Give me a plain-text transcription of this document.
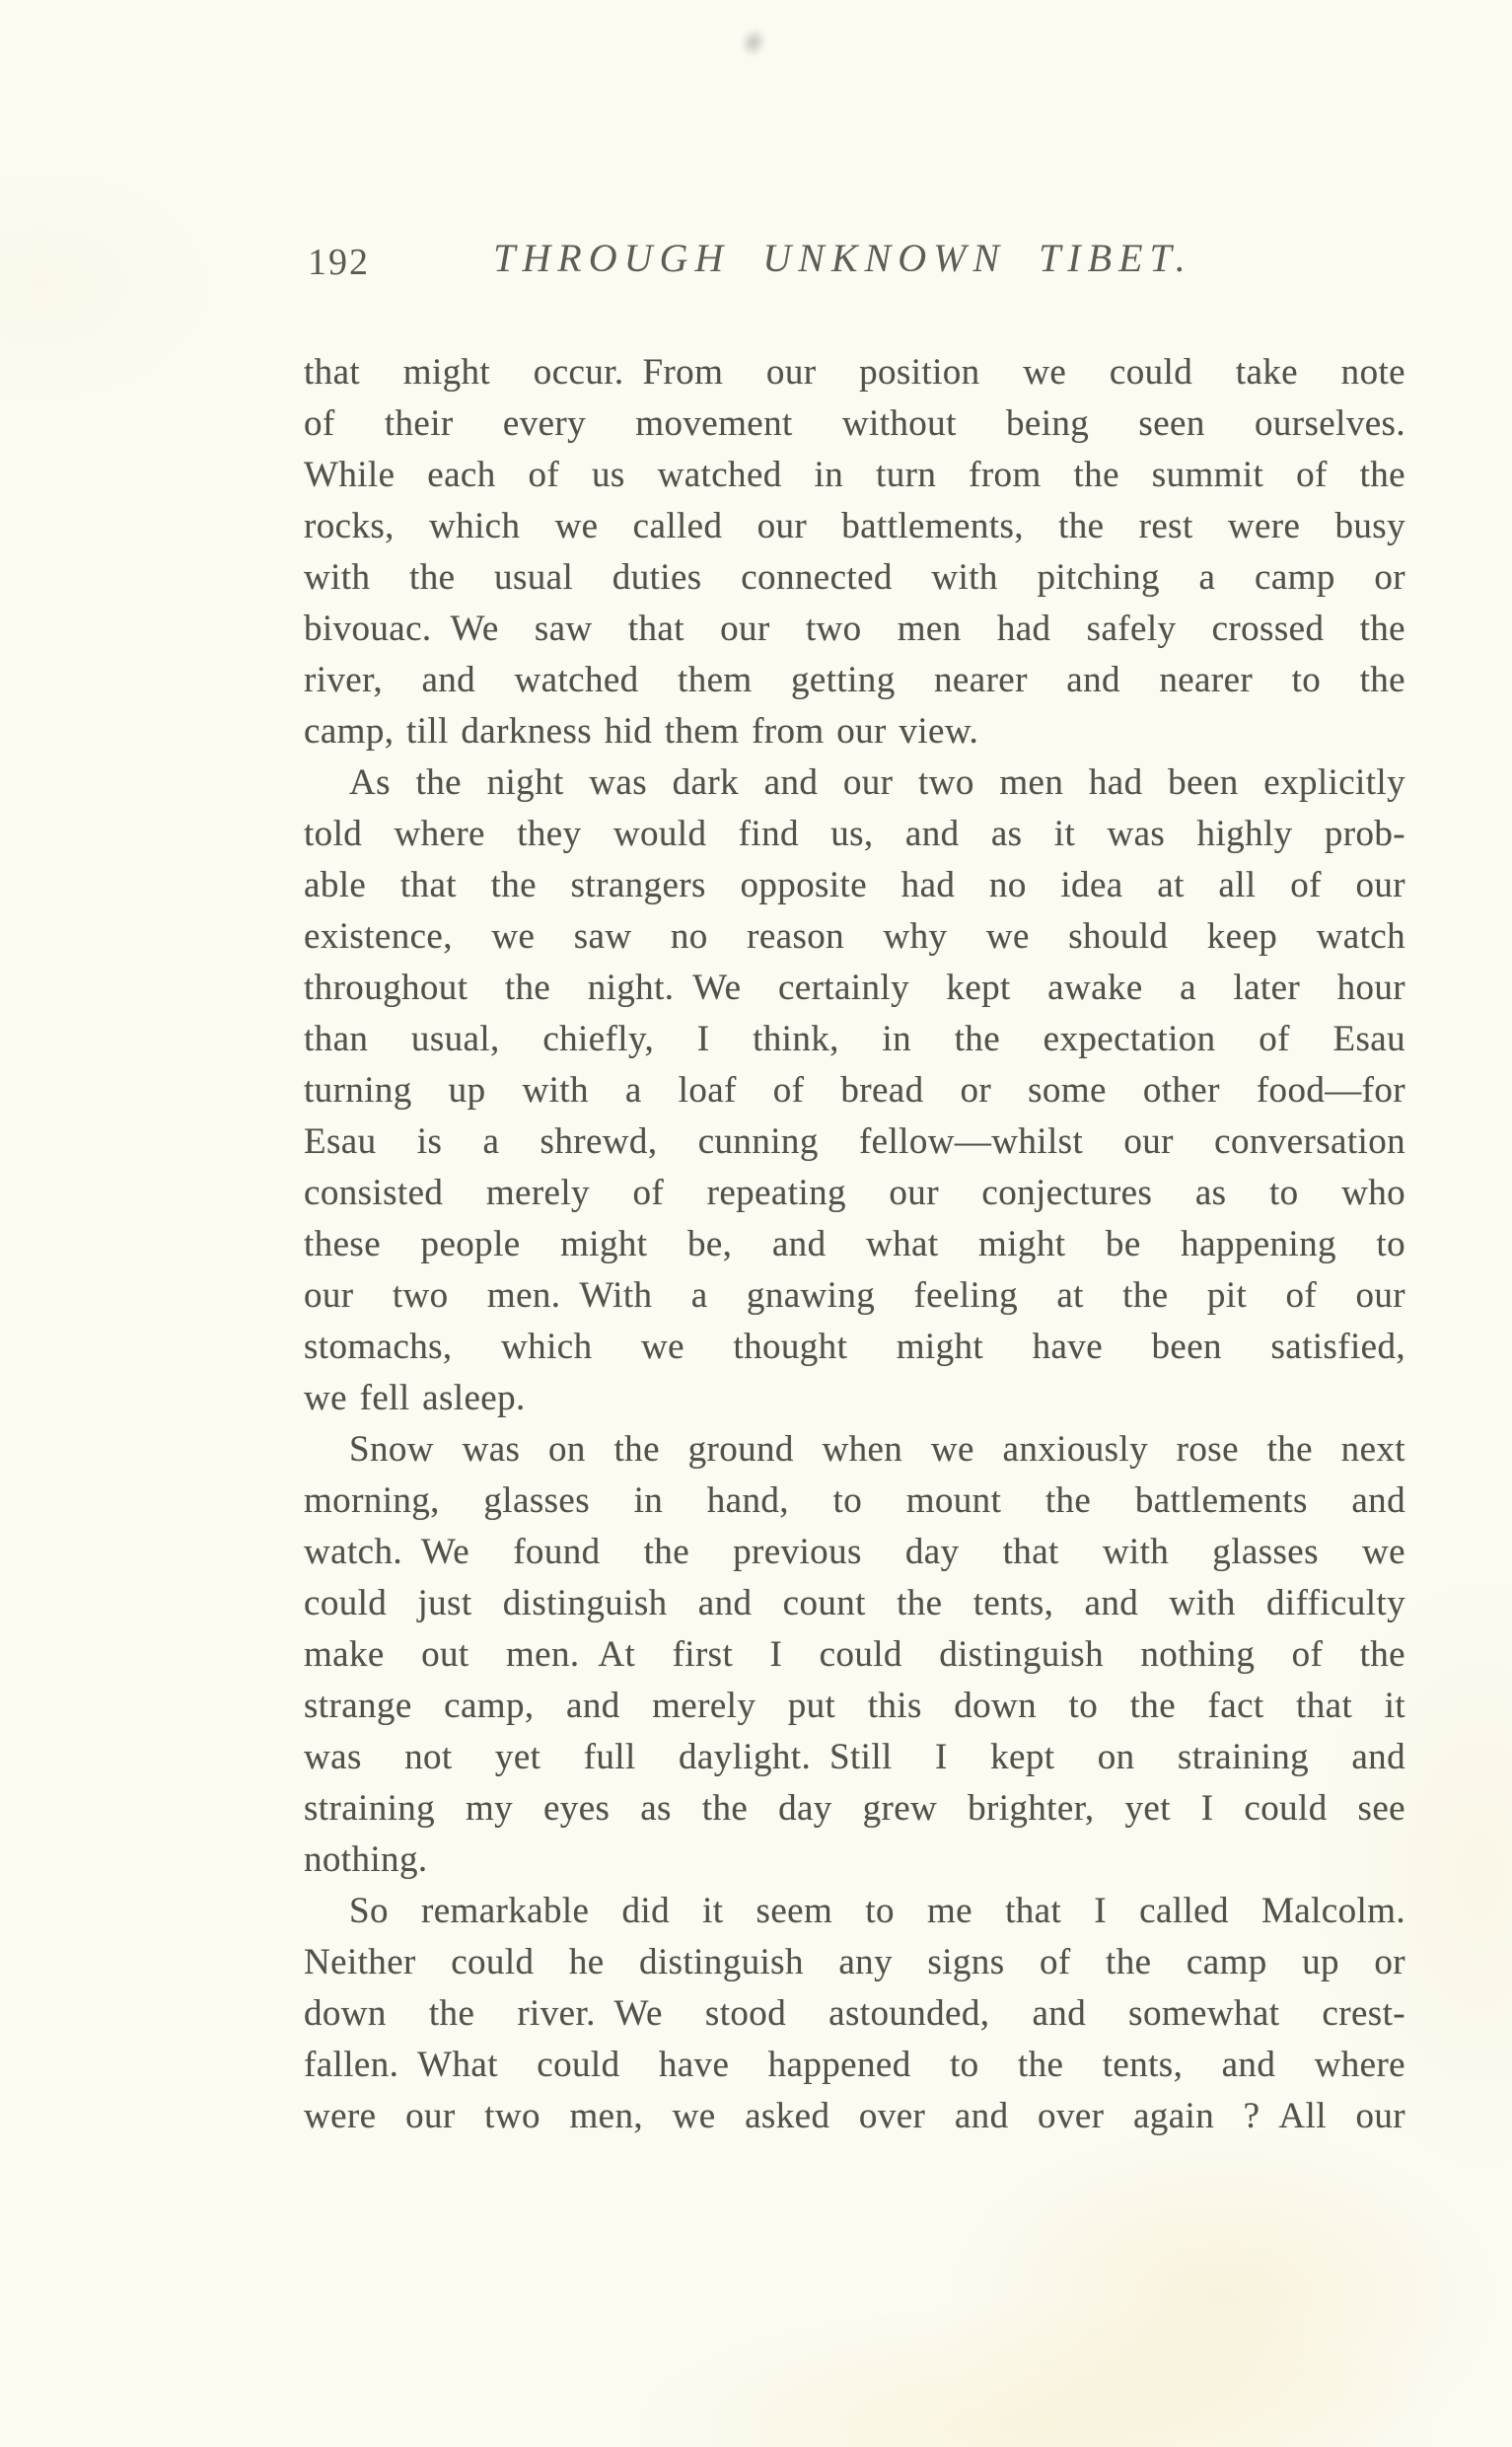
192	THROUGH UNKNOWN TIBET.
that might occur. From our position we could take note
of their every movement without being seen ourselves.
While each of us watched in turn from the summit of the
rocks, which we called our battlements, the rest were busy
with the usual duties connected with pitching a camp or
bivouac. We saw that our two men had safely crossed the
river, and watched them getting nearer and nearer to the
camp, till darkness hid them from our view.
As the night was dark and our two men had been explicitly
told where they would find us, and as it was highly prob-
able that the strangers opposite had no idea at all of our
existence, we saw no reason why we should keep watch
throughout the night. We certainly kept awake a later hour
than usual, chiefly, I think, in the expectation of Esau
turning up with a loaf of bread or some other food—for
Esau is a shrewd, cunning fellow—whilst our conversation
consisted merely of repeating our conjectures as to who
these people might be, and what might be happening to
our two men. With a gnawing feeling at the pit of our
stomachs, which we thought might have been satisfied,
we fell asleep.
Snow was on the ground when we anxiously rose the next
morning, glasses in hand, to mount the battlements and
watch. We found the previous day that with glasses we
could just distinguish and count the tents, and with difficulty
make out men. At first I could distinguish nothing of the
strange camp, and merely put this down to the fact that it
was not yet full daylight. Still I kept on straining and
straining my eyes as the day grew brighter, yet I could see
nothing.
So remarkable did it seem to me that I called Malcolm.
Neither could he distinguish any signs of the camp up or
down the river. We stood astounded, and somewhat crest-
fallen. What could have happened to the tents, and where
were our two men, we asked over and over again ? All our
